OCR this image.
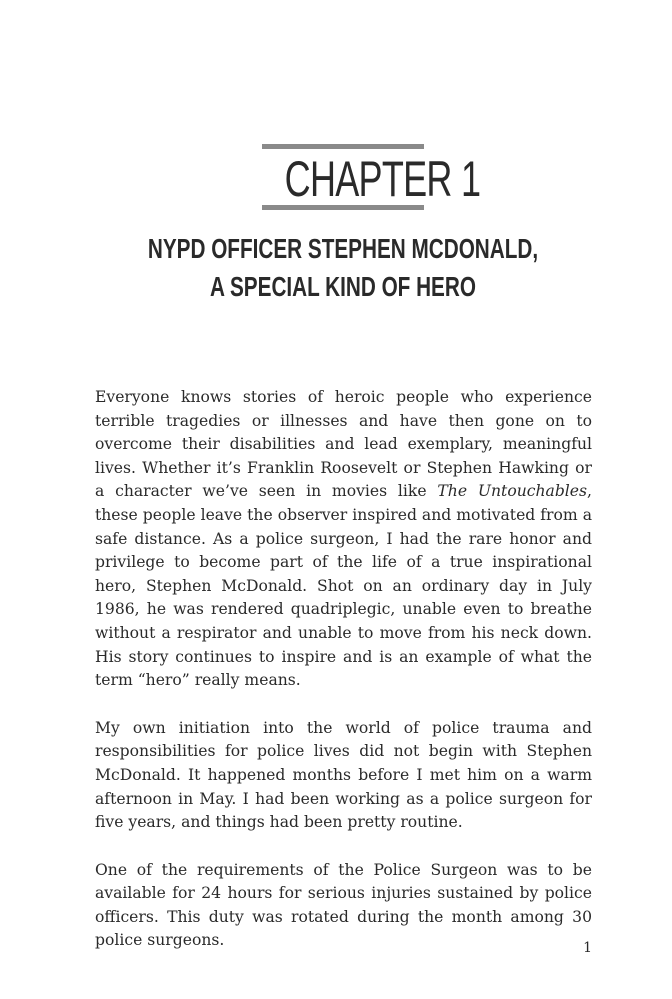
CHAPTER 1
NYPD OFFICER STEPHEN MCDONALD,
A SPECIAL KIND OF HERO

Everyone knows stories of heroic people who experience terrible tragedies or illnesses and have then gone on to overcome their disabilities and lead exemplary, meaningful lives. Whether it’s Franklin Roosevelt or Stephen Hawking or a character we’ve seen in movies like The Untouchables, these people leave the observer inspired and motivated from a safe distance. As a police surgeon, I had the rare honor and privilege to become part of the life of a true inspirational hero, Stephen McDonald. Shot on an ordinary day in July 1986, he was rendered quadriplegic, unable even to breathe without a respirator and unable to move from his neck down. His story continues to inspire and is an example of what the term “hero” really means.

My own initiation into the world of police trauma and responsibilities for police lives did not begin with Stephen McDonald. It happened months before I met him on a warm afternoon in May. I had been working as a police surgeon for five years, and things had been pretty routine.

One of the requirements of the Police Surgeon was to be available for 24 hours for serious injuries sustained by police officers. This duty was rotated during the month among 30 police surgeons.	1
